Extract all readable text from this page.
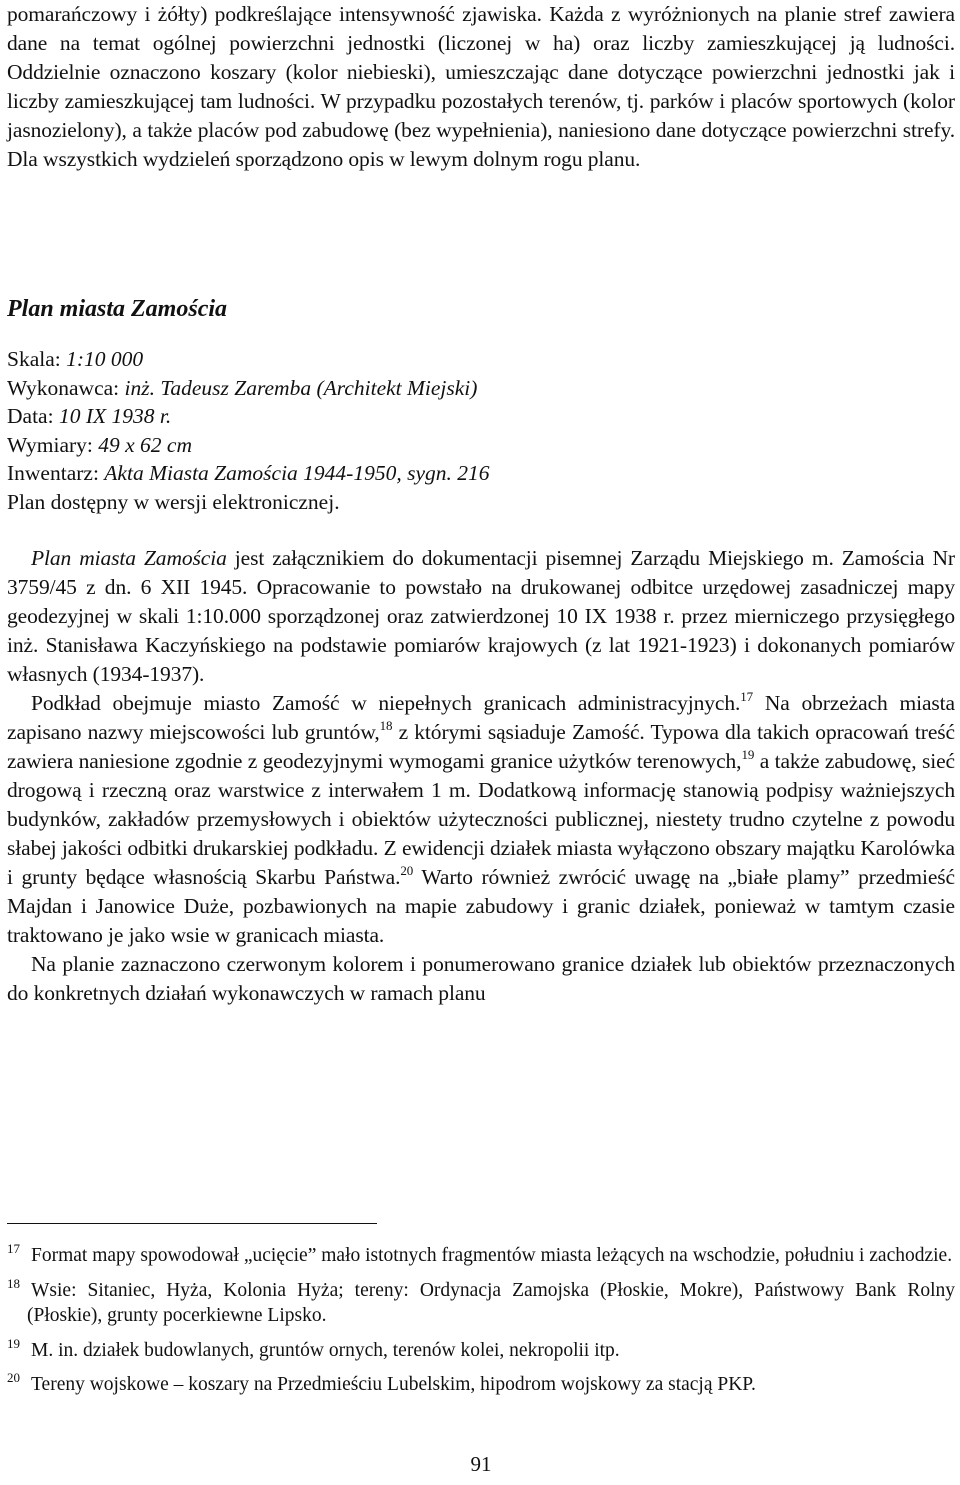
pomarańczowy i żółty) podkreślające intensywność zjawiska. Każda z wyróżnionych na planie stref zawiera dane na temat ogólnej powierzchni jednostki (liczonej w ha) oraz liczby zamieszkującej ją ludności. Oddzielnie oznaczono koszary (kolor niebieski), umieszczając dane dotyczące powierzchni jednostki jak i liczby zamieszkującej tam ludności. W przypadku pozostałych terenów, tj. parków i placów sportowych (kolor jasnozielony), a także placów pod zabudowę (bez wypełnienia), naniesiono dane dotyczące powierzchni strefy. Dla wszystkich wydzieleń sporządzono opis w lewym dolnym rogu planu.

Plan miasta Zamościa
Skala: 1:10 000
Wykonawca: inż. Tadeusz Zaremba (Architekt Miejski)
Data: 10 IX 1938 r.
Wymiary: 49 x 62 cm
Inwentarz: Akta Miasta Zamościa 1944-1950, sygn. 216
Plan dostępny w wersji elektronicznej.

Plan miasta Zamościa jest załącznikiem do dokumentacji pisemnej Zarządu Miejskiego m. Zamościa Nr 3759/45 z dn. 6 XII 1945. Opracowanie to powstało na drukowanej odbitce urzędowej zasadniczej mapy geodezyjnej w skali 1:10.000 sporządzonej oraz zatwierdzonej 10 IX 1938 r. przez mierniczego przysięgłego inż. Stanisława Kaczyńskiego na podstawie pomiarów krajowych (z lat 1921-1923) i dokonanych pomiarów własnych (1934-1937).

Podkład obejmuje miasto Zamość w niepełnych granicach administracyjnych.$^{17}$ Na obrzeżach miasta zapisano nazwy miejscowości lub gruntów,$^{18}$ z którymi sąsiaduje Zamość. Typowa dla takich opracowań treść zawiera naniesione zgodnie z geodezyjnymi wymogami granice użytków terenowych,$^{19}$ a także zabudowę, sieć drogową i rzeczną oraz warstwice z interwałem 1 m. Dodatkową informację stanowią podpisy ważniejszych budynków, zakładów przemysłowych i obiektów użyteczności publicznej, niestety trudno czytelne z powodu słabej jakości odbitki drukarskiej podkładu. Z ewidencji działek miasta wyłączono obszary majątku Karolówka i grunty będące własnością Skarbu Państwa.$^{20}$ Warto również zwrócić uwagę na „białe plamy” przedmieść Majdan i Janowice Duże, pozbawionych na mapie zabudowy i granic działek, ponieważ w tamtym czasie traktowano je jako wsie w granicach miasta.

Na planie zaznaczono czerwonym kolorem i ponumerowano granice działek lub obiektów przeznaczonych do konkretnych działań wykonawczych w ramach planu

17 Format mapy spowodował „ucięcie” mało istotnych fragmentów miasta leżących na wschodzie, południu i zachodzie.

18 Wsie: Sitaniec, Hyża, Kolonia Hyża; tereny: Ordynacja Zamojska (Płoskie, Mokre), Państwowy Bank Rolny (Płoskie), grunty pocerkiewne Lipsko.

19 M. in. działek budowlanych, gruntów ornych, terenów kolei, nekropolii itp.

20 Tereny wojskowe – koszary na Przedmieściu Lubelskim, hipodrom wojskowy za stacją PKP.

91
